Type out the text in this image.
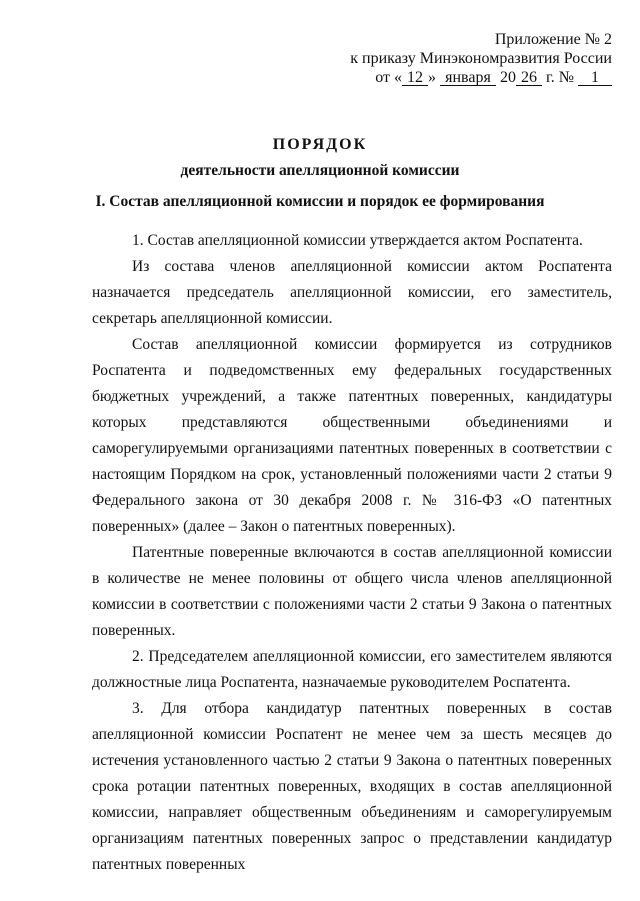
Приложение № 2
к приказу Минэкономразвития России
от « 12 » января 20 26 г. № 1
ПОРЯДОК
деятельности апелляционной комиссии
I. Состав апелляционной комиссии и порядок ее формирования

1. Состав апелляционной комиссии утверждается актом Роспатента.

Из состава членов апелляционной комиссии актом Роспатента назначается председатель апелляционной комиссии, его заместитель, секретарь апелляционной комиссии.

Состав апелляционной комиссии формируется из сотрудников Роспатента и подведомственных ему федеральных государственных бюджетных учреждений, а также патентных поверенных, кандидатуры которых представляются общественными объединениями и саморегулируемыми организациями патентных поверенных в соответствии с настоящим Порядком на срок, установленный положениями части 2 статьи 9 Федерального закона от 30 декабря 2008 г. № 316-ФЗ «О патентных поверенных» (далее – Закон о патентных поверенных).

Патентные поверенные включаются в состав апелляционной комиссии в количестве не менее половины от общего числа членов апелляционной комиссии в соответствии с положениями части 2 статьи 9 Закона о патентных поверенных.

2. Председателем апелляционной комиссии, его заместителем являются должностные лица Роспатента, назначаемые руководителем Роспатента.

3. Для отбора кандидатур патентных поверенных в состав апелляционной комиссии Роспатент не менее чем за шесть месяцев до истечения установленного частью 2 статьи 9 Закона о патентных поверенных срока ротации патентных поверенных, входящих в состав апелляционной комиссии, направляет общественным объединениям и саморегулируемым организациям патентных поверенных запрос о представлении кандидатур патентных поверенных
